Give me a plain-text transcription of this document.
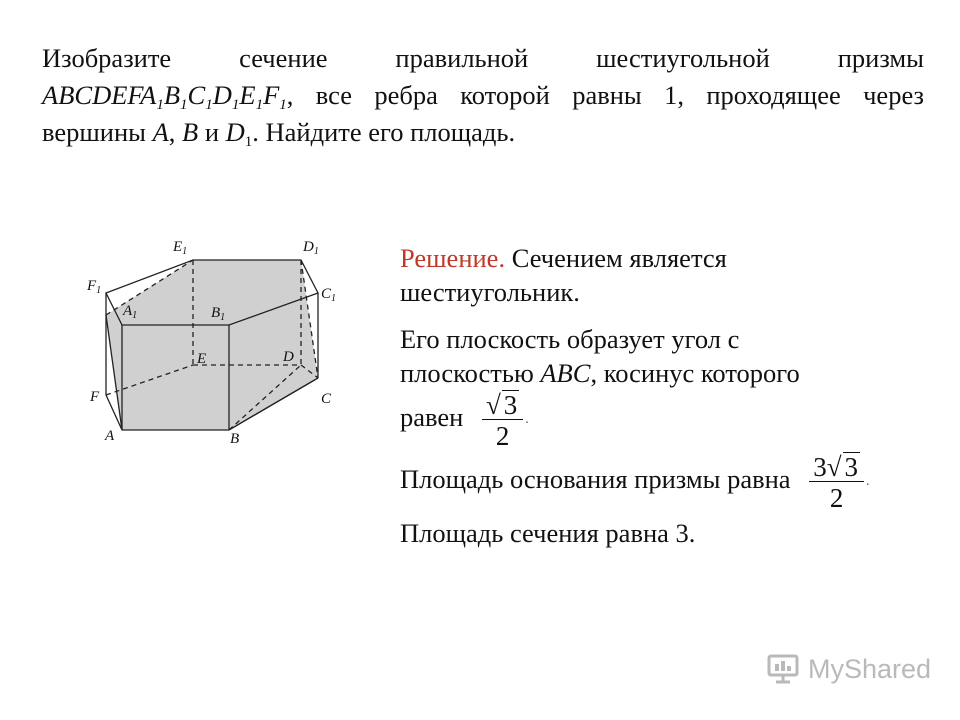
Изобразите сечение правильной шестиугольной призмы $ABCDEFA_1B_1C_1D_1E_1F_1$, все ребра которой равны 1, проходящее через вершины A, B и $D_1$. Найдите его площадь.
$E_1$	$D_1$
$F_1$	$C_1$
$A_1$	$B_1$
E	D
F	C
A	B
Решение. Сечением является
шестиугольник.
Его плоскость образует угол с
плоскостью ABC, косинус которого
равен $\frac{√ 3}{2}$ .
Площадь основания призмы равна $\frac{3√ 3}{2}$ .
Площадь сечения равна 3.
MyShared
